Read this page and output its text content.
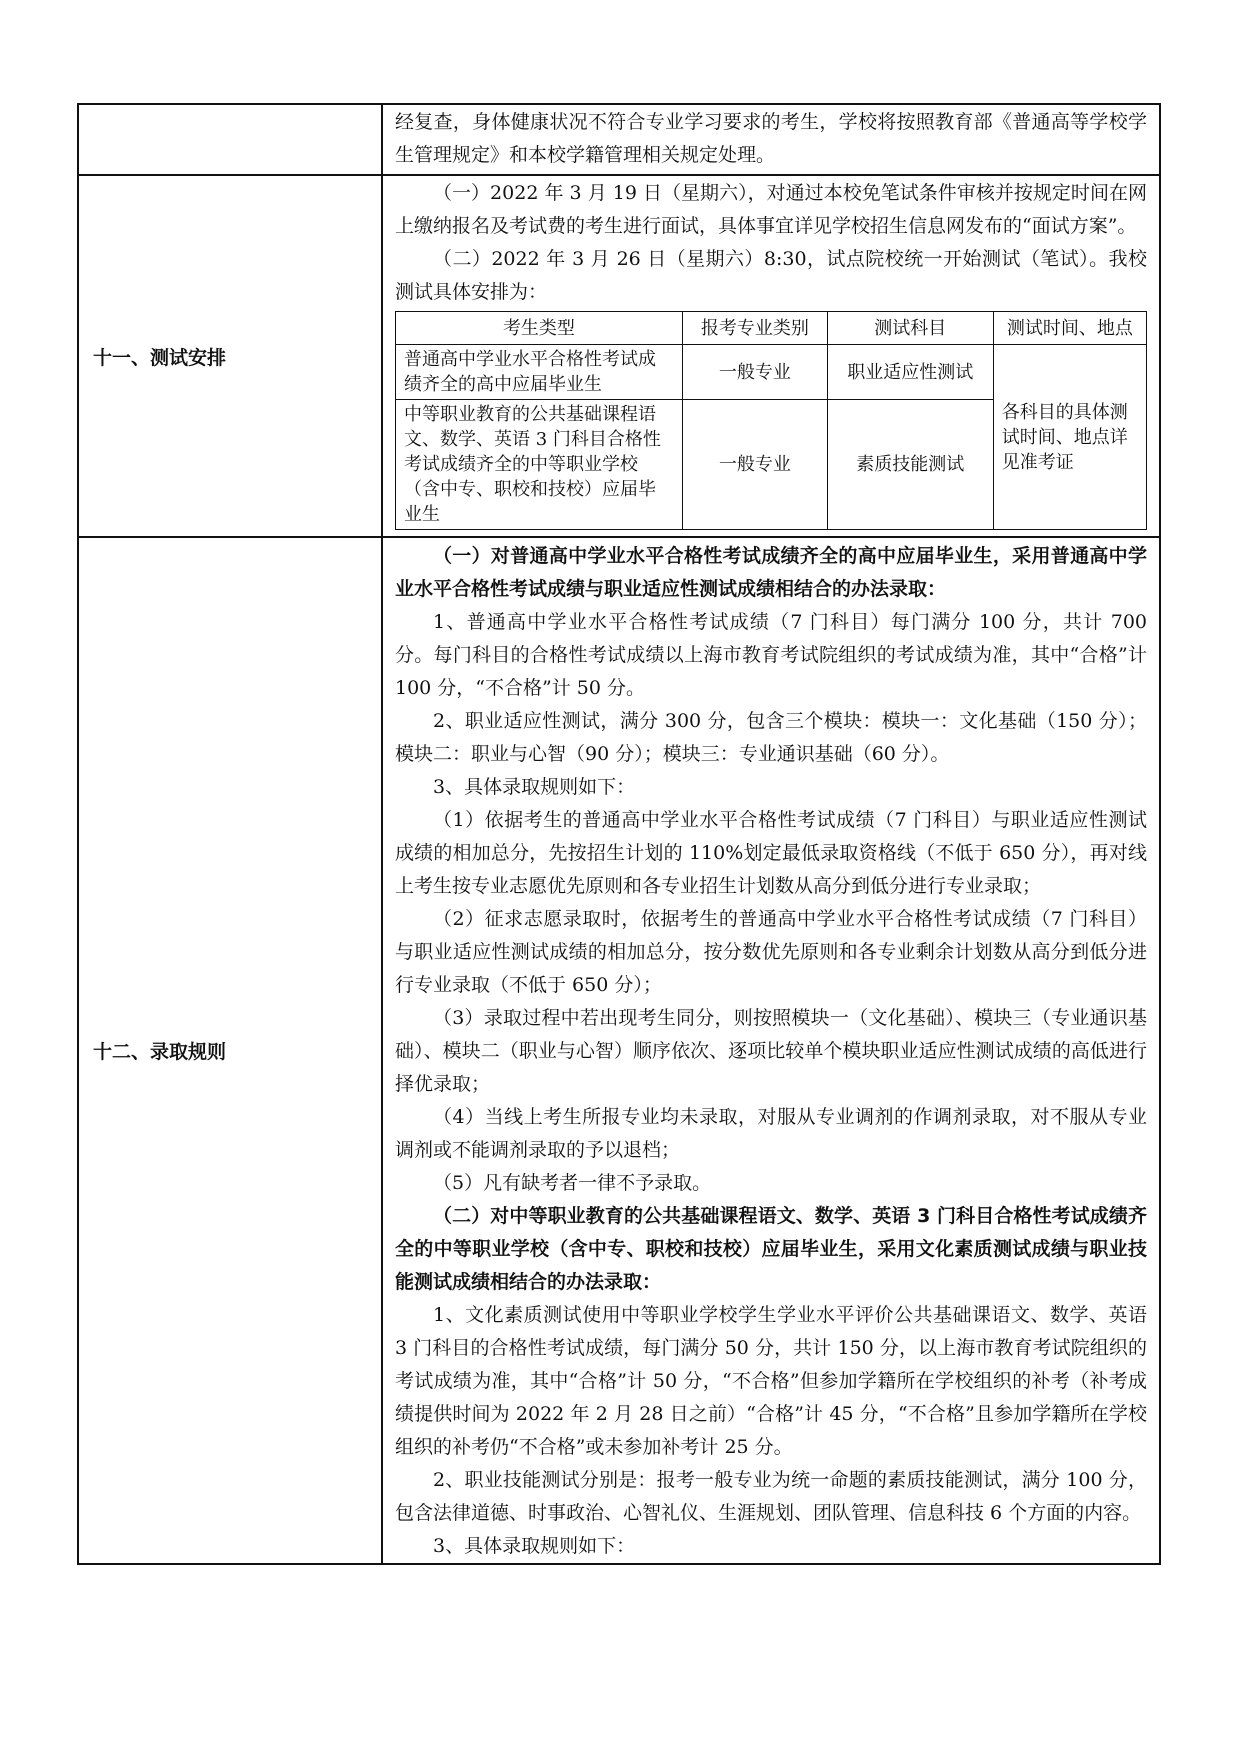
经复查，身体健康状况不符合专业学习要求的考生，学校将按照教育部《普通高等学校学生管理规定》和本校学籍管理相关规定处理。

十一、测试安排	

（一）2022 年 3 月 19 日（星期六），对通过本校免笔试条件审核并按规定时间在网上缴纳报名及考试费的考生进行面试，具体事宜详见学校招生信息网发布的“面试方案”。

（二）2022 年 3 月 26 日（星期六）8:30，试点院校统一开始测试（笔试）。我校测试具体安排为：

考生类型	报考专业类别	测试科目	测试时间、地点
普通高中学业水平合格性考试成绩齐全的高中应届毕业生	一般专业	职业适应性测试	各科目的具体测试时间、地点详见准考证
中等职业教育的公共基础课程语文、数学、英语 3 门科目合格性考试成绩齐全的中等职业学校（含中专、职校和技校）应届毕业生	一般专业	素质技能测试

十二、录取规则	

（一）对普通高中学业水平合格性考试成绩齐全的高中应届毕业生，采用普通高中学业水平合格性考试成绩与职业适应性测试成绩相结合的办法录取：

1、普通高中学业水平合格性考试成绩（7 门科目）每门满分 100 分，共计 700 分。每门科目的合格性考试成绩以上海市教育考试院组织的考试成绩为准，其中“合格”计 100 分，“不合格”计 50 分。

2、职业适应性测试，满分 300 分，包含三个模块：模块一：文化基础（150 分）；模块二：职业与心智（90 分）；模块三：专业通识基础（60 分）。

3、具体录取规则如下：

（1）依据考生的普通高中学业水平合格性考试成绩（7 门科目）与职业适应性测试成绩的相加总分，先按招生计划的 110%划定最低录取资格线（不低于 650 分），再对线上考生按专业志愿优先原则和各专业招生计划数从高分到低分进行专业录取；

（2）征求志愿录取时，依据考生的普通高中学业水平合格性考试成绩（7 门科目）与职业适应性测试成绩的相加总分，按分数优先原则和各专业剩余计划数从高分到低分进行专业录取（不低于 650 分）；

（3）录取过程中若出现考生同分，则按照模块一（文化基础）、模块三（专业通识基础）、模块二（职业与心智）顺序依次、逐项比较单个模块职业适应性测试成绩的高低进行择优录取；

（4）当线上考生所报专业均未录取，对服从专业调剂的作调剂录取，对不服从专业调剂或不能调剂录取的予以退档；

（5）凡有缺考者一律不予录取。

（二）对中等职业教育的公共基础课程语文、数学、英语 3 门科目合格性考试成绩齐全的中等职业学校（含中专、职校和技校）应届毕业生，采用文化素质测试成绩与职业技能测试成绩相结合的办法录取：

1、文化素质测试使用中等职业学校学生学业水平评价公共基础课语文、数学、英语 3 门科目的合格性考试成绩，每门满分 50 分，共计 150 分，以上海市教育考试院组织的考试成绩为准，其中“合格”计 50 分，“不合格”但参加学籍所在学校组织的补考（补考成绩提供时间为 2022 年 2 月 28 日之前）“合格”计 45 分，“不合格”且参加学籍所在学校组织的补考仍“不合格”或未参加补考计 25 分。

2、职业技能测试分别是：报考一般专业为统一命题的素质技能测试，满分 100 分，包含法律道德、时事政治、心智礼仪、生涯规划、团队管理、信息科技 6 个方面的内容。

3、具体录取规则如下：
